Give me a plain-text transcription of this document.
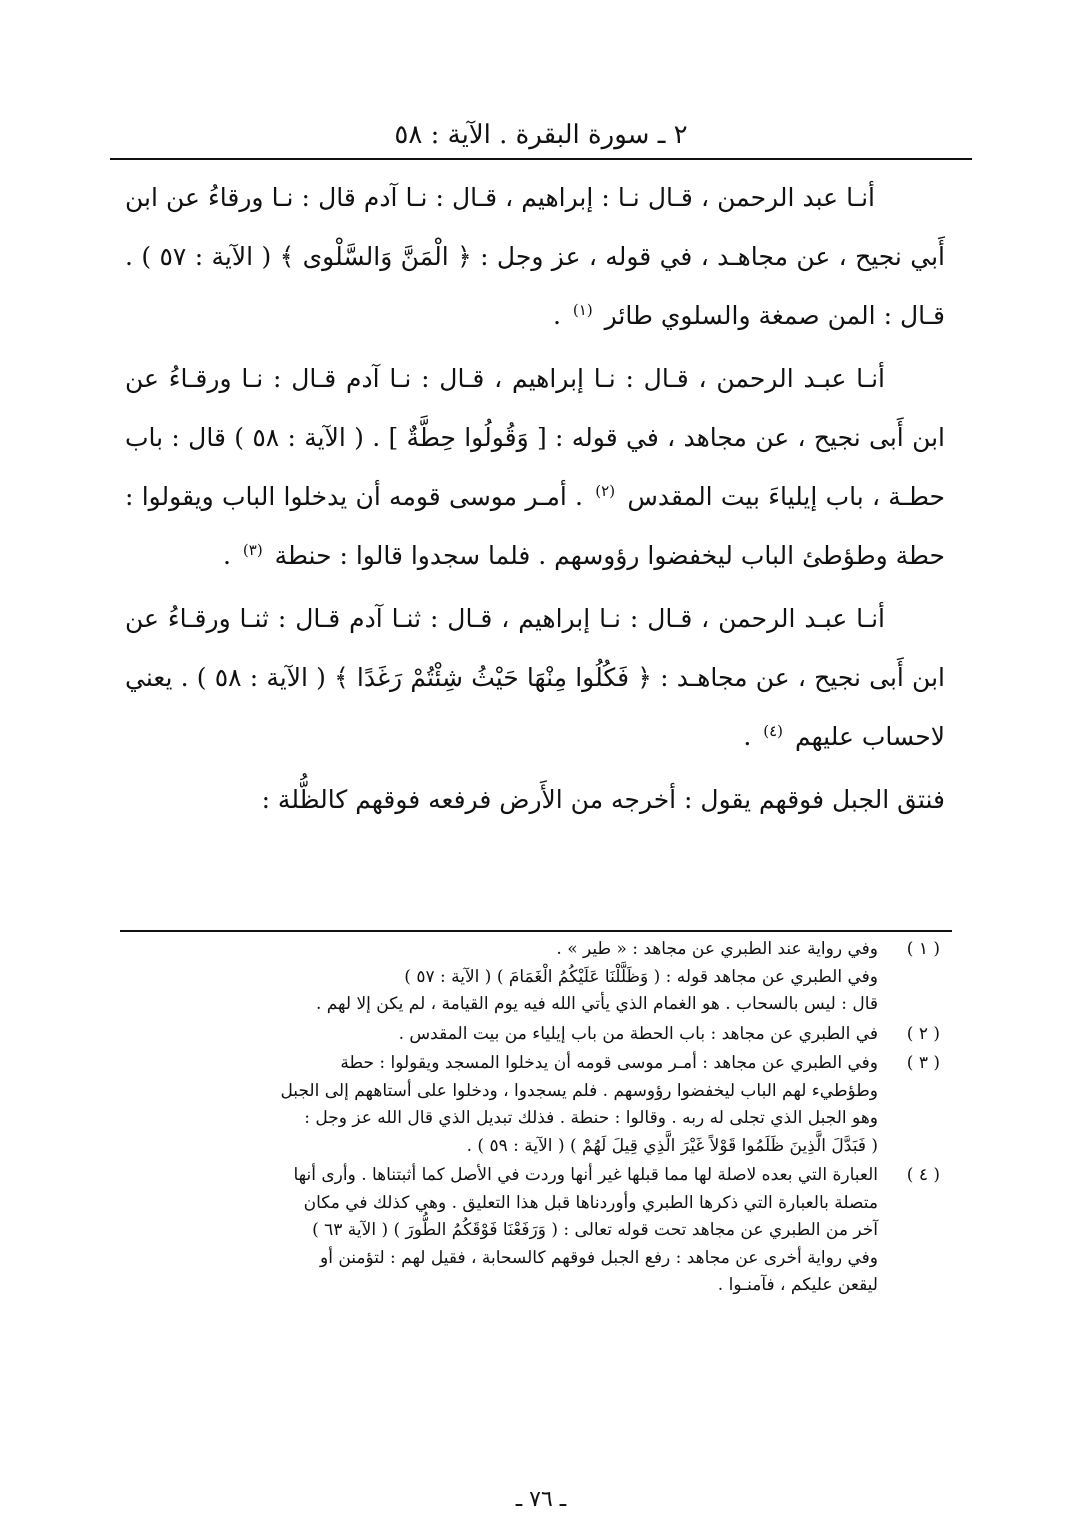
٢ ـ سورة البقرة . الآية : ٥٨

أنـا عبد الرحمن ، قـال نـا : إبراهيم ، قـال : نـا آدم قال : نـا ورقاءُ عن ابن أَبي نجيح ، عن مجاهـد ، في قوله ، عز وجل : ﴿ الْمَنَّ وَالسَّلْوى ﴾ ( الآية : ٥٧ ) . قـال : المن صمغة والسلوي طائر $^{(١)}$ .

أنـا عبـد الرحمن ، قـال : نـا إبراهيم ، قـال : نـا آدم قـال : نـا ورقـاءُ عن ابن أَبى نجيح ، عن مجاهد ، في قوله : [ وَقُولُوا حِطَّةٌ ] . ( الآية : ٥٨ ) قال : باب حطـة ، باب إيلياءَ بيت المقدس $^{(٢)}$ . أمـر موسى قومه أن يدخلوا الباب ويقولوا : حطة وطؤطئ الباب ليخفضوا رؤوسهم . فلما سجدوا قالوا : حنطة $^{(٣)}$ .

أنـا عبـد الرحمن ، قـال : نـا إبراهيم ، قـال : ثنـا آدم قـال : ثنـا ورقـاءُ عن ابن أَبى نجيح ، عن مجاهـد : ﴿ فَكُلُوا مِنْهَا حَيْثُ شِئْتُمْ رَغَدًا ﴾ ( الآية : ٥٨ ) . يعني لاحساب عليهم $^{(٤)}$ .

فنتق الجبل فوقهم يقول : أخرجه من الأَرض فرفعه فوقهم كالظُّلة :

( ١ )
وفي رواية عند الطبري عن مجاهد : « طير » .
وفي الطبري عن مجاهد قوله : ( وَظَلَّلْنَا عَلَيْكُمُ الْغَمَامَ ) ( الآية : ٥٧ )
قال : ليس بالسحاب . هو الغمام الذي يأتي الله فيه يوم القيامة ، لم يكن إلا لهم .
( ٢ )
في الطبري عن مجاهد : باب الحطة من باب إيلياء من بيت المقدس .
( ٣ )
وفي الطبري عن مجاهد : أمـر موسى قومه أن يدخلوا المسجد ويقولوا : حطة
وطؤطيء لهم الباب ليخفضوا رؤوسهم . فلم يسجدوا ، ودخلوا على أستاههم إلى الجبل
وهو الجبل الذي تجلى له ربه . وقالوا : حنطة . فذلك تبديل الذي قال الله عز وجل :
( فَبَدَّلَ الَّذِينَ ظَلَمُوا قَوْلاً غَيْرَ الَّذِي قِيلَ لَهُمْ ) ( الآية : ٥٩ ) .
( ٤ )
العبارة التي بعده لاصلة لها مما قبلها غير أنها وردت في الأصل كما أثبتناها . وأرى أنها
متصلة بالعبارة التي ذكرها الطبري وأوردناها قبل هذا التعليق . وهي كذلك في مكان
آخر من الطبري عن مجاهد تحت قوله تعالى : ( وَرَفَعْنَا فَوْقَكُمُ الطُّورَ ) ( الآية ٦٣ )
وفي رواية أخرى عن مجاهد : رفع الجبل فوقهم كالسحابة ، فقيل لهم : لتؤمنن أو
ليقعن عليكم ، فآمنـوا .
ـ ٧٦ ـ
